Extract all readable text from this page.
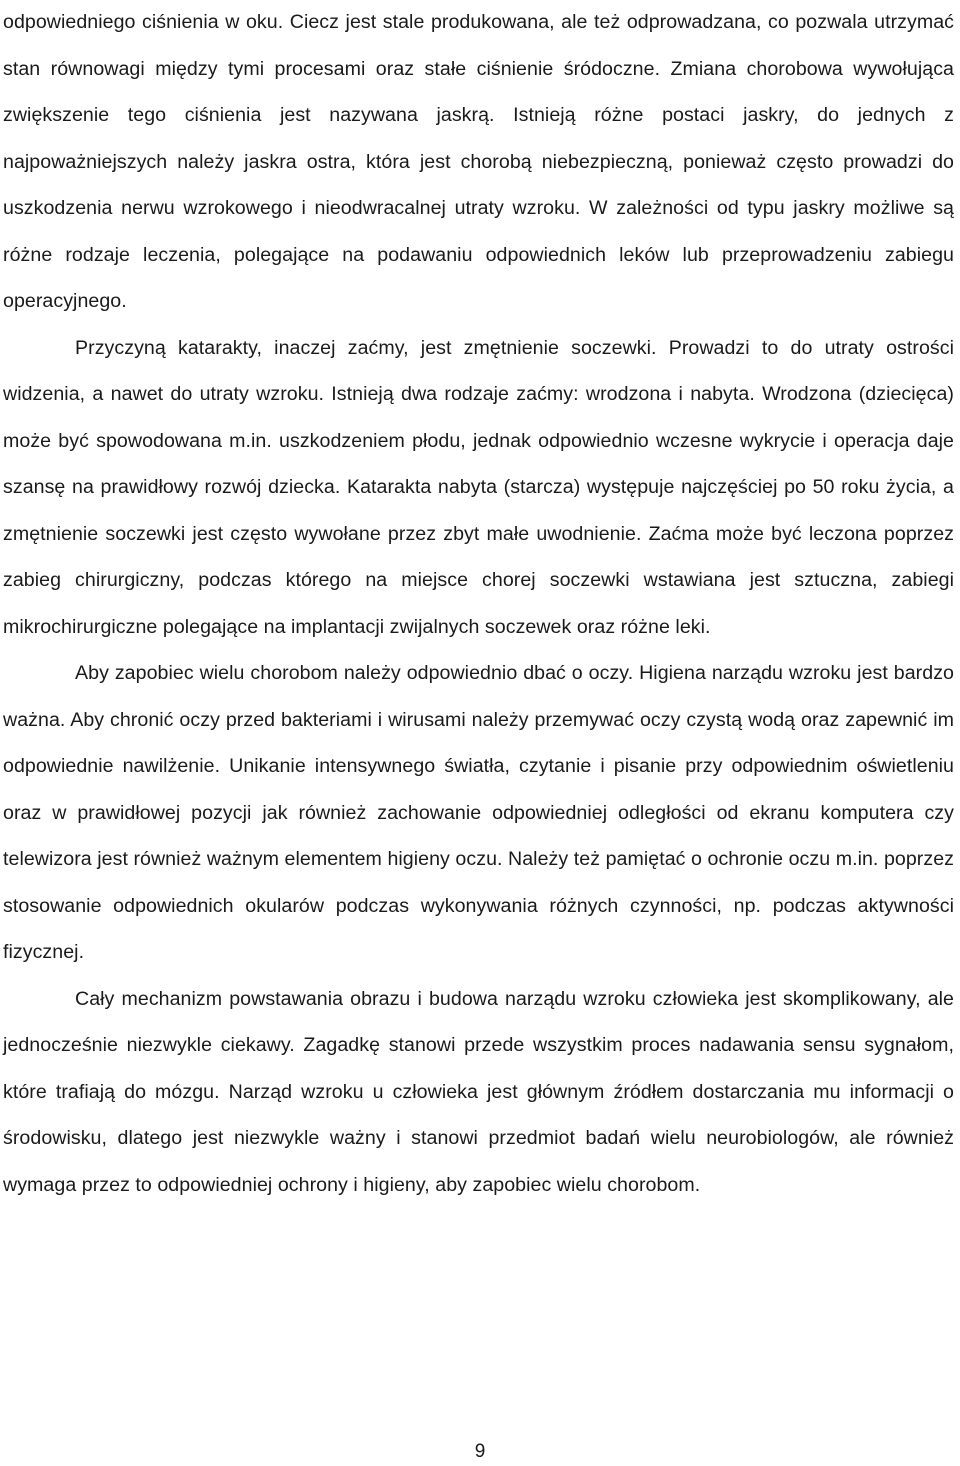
odpowiedniego ciśnienia w oku. Ciecz jest stale produkowana, ale też odprowadzana, co pozwala utrzymać stan równowagi między tymi procesami oraz stałe ciśnienie śródoczne. Zmiana chorobowa wywołująca zwiększenie tego ciśnienia jest nazywana jaskrą. Istnieją różne postaci jaskry, do jednych z najpoważniejszych należy jaskra ostra, która jest chorobą niebezpieczną, ponieważ często prowadzi do uszkodzenia nerwu wzrokowego i nieodwracalnej utraty wzroku. W zależności od typu jaskry możliwe są różne rodzaje leczenia, polegające na podawaniu odpowiednich leków lub przeprowadzeniu zabiegu operacyjnego.

Przyczyną katarakty, inaczej zaćmy, jest zmętnienie soczewki. Prowadzi to do utraty ostrości widzenia, a nawet do utraty wzroku. Istnieją dwa rodzaje zaćmy: wrodzona i nabyta. Wrodzona (dziecięca) może być spowodowana m.in. uszkodzeniem płodu, jednak odpowiednio wczesne wykrycie i operacja daje szansę na prawidłowy rozwój dziecka. Katarakta nabyta (starcza) występuje najczęściej po 50 roku życia, a zmętnienie soczewki jest często wywołane przez zbyt małe uwodnienie. Zaćma może być leczona poprzez zabieg chirurgiczny, podczas którego na miejsce chorej soczewki wstawiana jest sztuczna, zabiegi mikrochirurgiczne polegające na implantacji zwijalnych soczewek oraz różne leki.

Aby zapobiec wielu chorobom należy odpowiednio dbać o oczy. Higiena narządu wzroku jest bardzo ważna. Aby chronić oczy przed bakteriami i wirusami należy przemywać oczy czystą wodą oraz zapewnić im odpowiednie nawilżenie. Unikanie intensywnego światła, czytanie i pisanie przy odpowiednim oświetleniu oraz w prawidłowej pozycji jak również zachowanie odpowiedniej odległości od ekranu komputera czy telewizora jest również ważnym elementem higieny oczu. Należy też pamiętać o ochronie oczu m.in. poprzez stosowanie odpowiednich okularów podczas wykonywania różnych czynności, np. podczas aktywności fizycznej.

Cały mechanizm powstawania obrazu i budowa narządu wzroku człowieka jest skomplikowany, ale jednocześnie niezwykle ciekawy. Zagadkę stanowi przede wszystkim proces nadawania sensu sygnałom, które trafiają do mózgu. Narząd wzroku u człowieka jest głównym źródłem dostarczania mu informacji o środowisku, dlatego jest niezwykle ważny i stanowi przedmiot badań wielu neurobiologów, ale również wymaga przez to odpowiedniej ochrony i higieny, aby zapobiec wielu chorobom.

9
